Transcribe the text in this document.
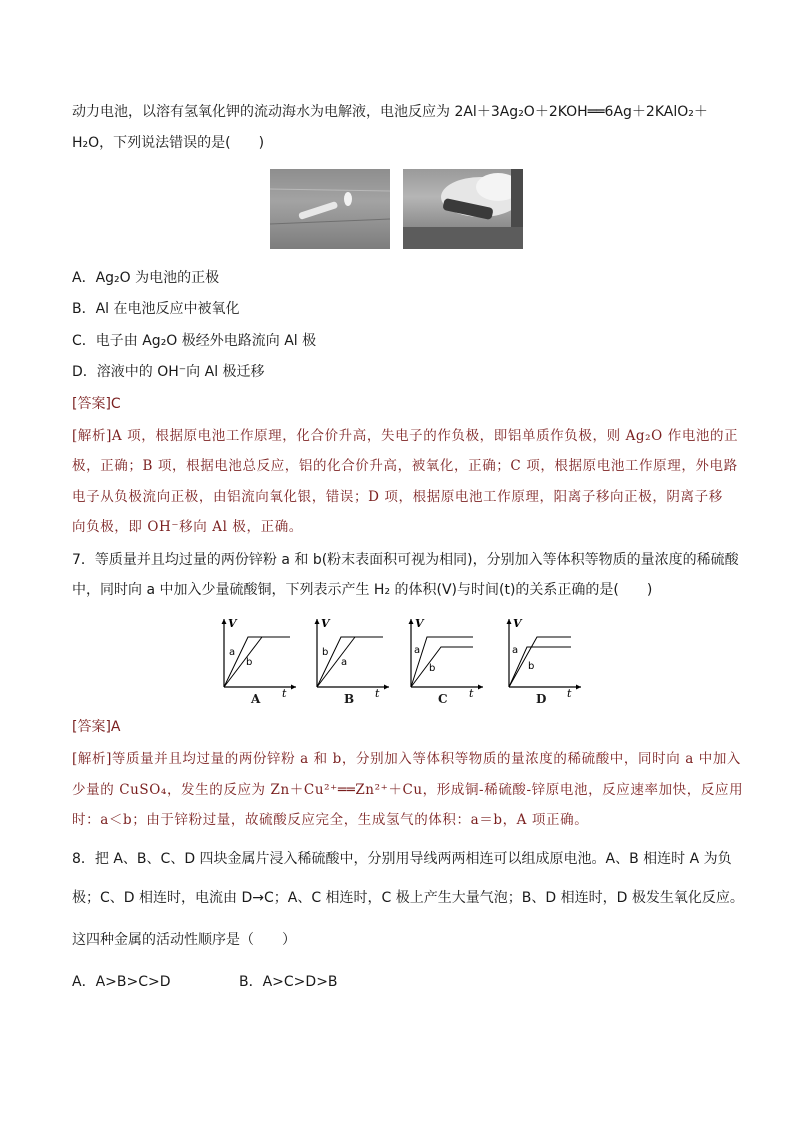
动力电池，以溶有氢氧化钾的流动海水为电解液，电池反应为 2Al＋3Ag₂O＋2KOH══6Ag＋2KAlO₂＋
H₂O，下列说法错误的是(　　)
A．Ag₂O 为电池的正极
B．Al 在电池反应中被氧化
C．电子由 Ag₂O 极经外电路流向 Al 极
D．溶液中的 OH⁻向 Al 极迁移
[答案]C
[解析]A 项，根据原电池工作原理，化合价升高，失电子的作负极，即铝单质作负极，则 Ag₂O 作电池的正
极，正确；B 项，根据电池总反应，铝的化合价升高，被氧化，正确；C 项，根据原电池工作原理，外电路
电子从负极流向正极，由铝流向氧化银，错误；D 项，根据原电池工作原理，阳离子移向正极，阴离子移
向负极，即 OH⁻移向 Al 极，正确。
7．等质量并且均过量的两份锌粉 a 和 b(粉末表面积可视为相同)，分别加入等体积等物质的量浓度的稀硫酸
中，同时向 a 中加入少量硫酸铜，下列表示产生 H₂ 的体积(V)与时间(t)的关系正确的是(　　)
V
t
a
b
A
V
t
b
a
B
V
t
a
b
C
V
t
a
b
D
[答案]A
[解析]等质量并且均过量的两份锌粉 a 和 b，分别加入等体积等物质的量浓度的稀硫酸中，同时向 a 中加入
少量的 CuSO₄，发生的反应为 Zn＋Cu²⁺══Zn²⁺＋Cu，形成铜-稀硫酸-锌原电池，反应速率加快，反应用
时：a＜b；由于锌粉过量，故硫酸反应完全，生成氢气的体积：a＝b，A 项正确。
8．把 A、B、C、D 四块金属片浸入稀硫酸中，分别用导线两两相连可以组成原电池。A、B 相连时 A 为负
极；C、D 相连时，电流由 D→C；A、C 相连时，C 极上产生大量气泡；B、D 相连时，D 极发生氧化反应。
这四种金属的活动性顺序是（　　）
A．A>B>C>D	B．A>C>D>B
